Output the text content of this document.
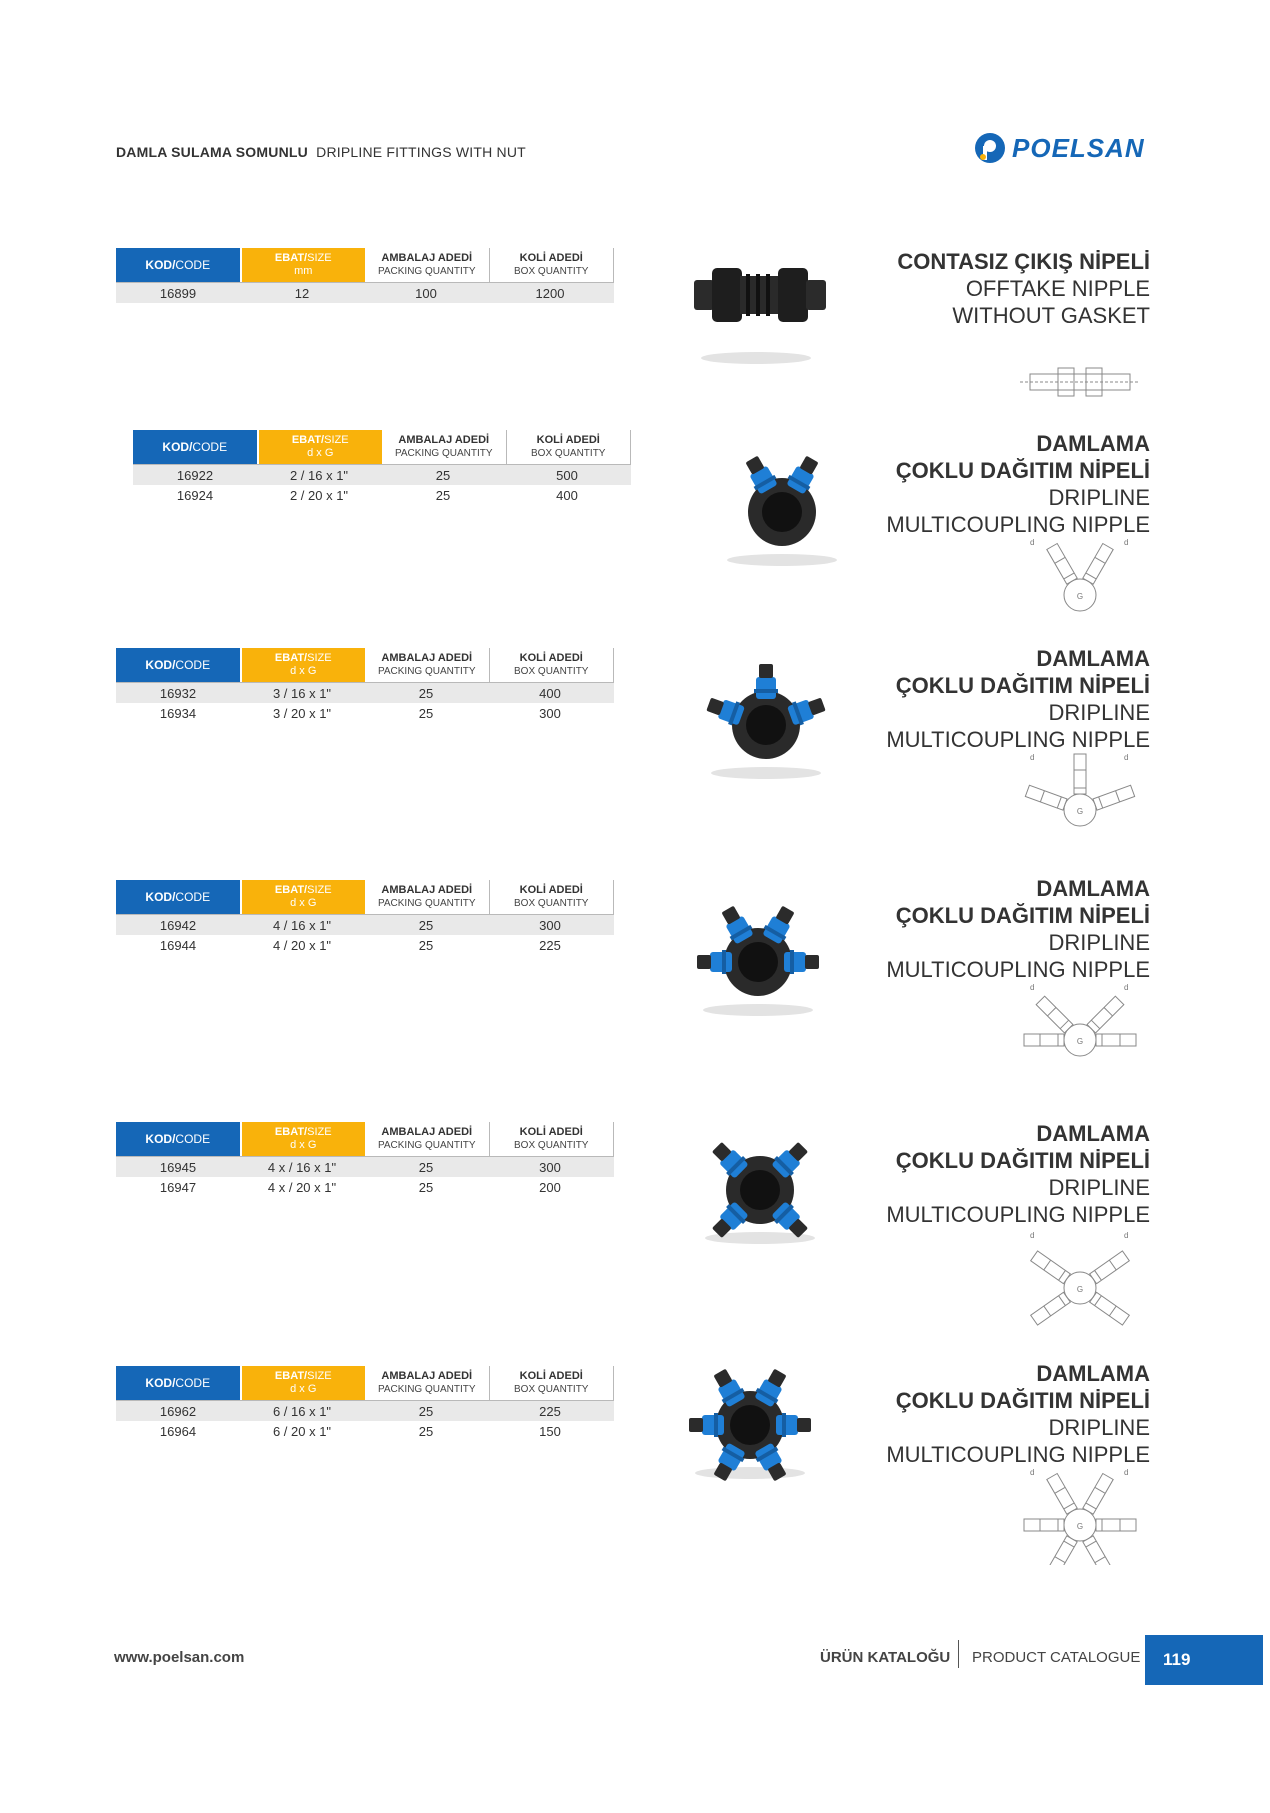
DAMLA SULAMA SOMUNLU DRIPLINE FITTINGS WITH NUT	POELSAN
KOD/ CODE	EBAT/SIZE
mm
AMBALAJ ADEDİ
PACKING QUANTITY
KOLİ ADEDİ
BOX QUANTITY
16899	12	100	1200
CONTASIZ ÇIKIŞ NİPELİ
OFFTAKE NIPPLE
WITHOUT GASKET
KOD/ CODE	EBAT/SIZE
d x G
AMBALAJ ADEDİ
PACKING QUANTITY
KOLİ ADEDİ
BOX QUANTITY
16922	2 / 16 x 1"	25	500
16924	2 / 20 x 1"	25	400
DAMLAMA
ÇOKLU DAĞITIM NİPELİ
DRIPLINE
MULTICOUPLING NIPPLE
G
d	d
KOD/ CODE	EBAT/SIZE
d x G
AMBALAJ ADEDİ
PACKING QUANTITY
KOLİ ADEDİ
BOX QUANTITY
16932	3 / 16 x 1"	25	400
16934	3 / 20 x 1"	25	300
DAMLAMA
ÇOKLU DAĞITIM NİPELİ
DRIPLINE
MULTICOUPLING NIPPLE
G
d	d
KOD/ CODE	EBAT/SIZE
d x G
AMBALAJ ADEDİ
PACKING QUANTITY
KOLİ ADEDİ
BOX QUANTITY
16942	4 / 16 x 1"	25	300
16944	4 / 20 x 1"	25	225
DAMLAMA
ÇOKLU DAĞITIM NİPELİ
DRIPLINE
MULTICOUPLING NIPPLE
G
d	d
KOD/ CODE	EBAT/SIZE
d x G
AMBALAJ ADEDİ
PACKING QUANTITY
KOLİ ADEDİ
BOX QUANTITY
16945	4 x / 16 x 1"	25	300
16947	4 x / 20 x 1"	25	200
DAMLAMA
ÇOKLU DAĞITIM NİPELİ
DRIPLINE
MULTICOUPLING NIPPLE
G
d	d
KOD/ CODE	EBAT/SIZE
d x G
AMBALAJ ADEDİ
PACKING QUANTITY
KOLİ ADEDİ
BOX QUANTITY
16962	6 / 16 x 1"	25	225
16964	6 / 20 x 1"	25	150
DAMLAMA
ÇOKLU DAĞITIM NİPELİ
DRIPLINE
MULTICOUPLING NIPPLE
G
d	d
www.poelsan.com	ÜRÜN KATALOĞU PRODUCT CATALOGUE	119
